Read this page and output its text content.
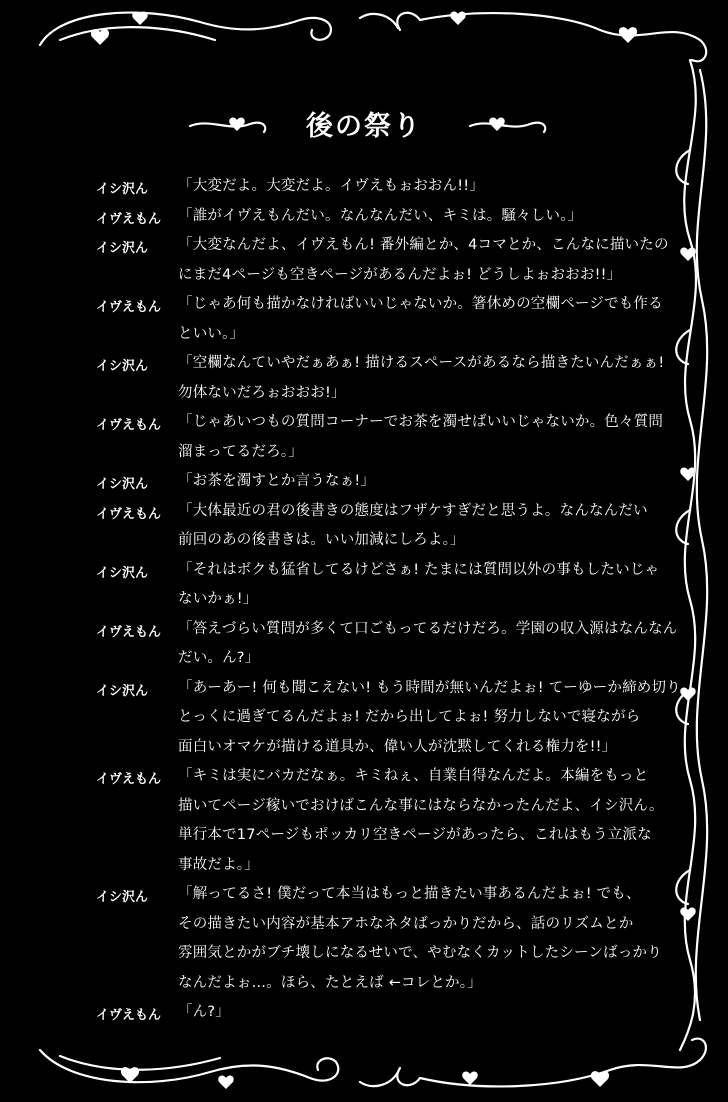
後の祭り
イシ沢ん	「大変だよ。大変だよ。イヴえもぉおおん!!」
イヴえもん	「誰がイヴえもんだい。なんなんだい、キミは。騒々しい。」
イシ沢ん	「大変なんだよ、イヴえもん! 番外編とか、4コマとか、こんなに描いたの
にまだ4ページも空きページがあるんだよぉ! どうしよぉおおお!!」
イヴえもん	「じゃあ何も描かなければいいじゃないか。箸休めの空欄ページでも作る
といい。」
イシ沢ん	「空欄なんていやだぁあぁ! 描けるスペースがあるなら描きたいんだぁぁ!
勿体ないだろぉおおお!」
イヴえもん	「じゃあいつもの質問コーナーでお茶を濁せばいいじゃないか。色々質問
溜まってるだろ。」
イシ沢ん	「お茶を濁すとか言うなぁ!」
イヴえもん	「大体最近の君の後書きの態度はフザケすぎだと思うよ。なんなんだい
前回のあの後書きは。いい加減にしろよ。」
イシ沢ん	「それはボクも猛省してるけどさぁ! たまには質問以外の事もしたいじゃ
ないかぁ!」
イヴえもん	「答えづらい質問が多くて口ごもってるだけだろ。学園の収入源はなんなん
だい。ん?」
イシ沢ん	「あーあー! 何も聞こえない! もう時間が無いんだよぉ! てーゆーか締め切り
とっくに過ぎてるんだよぉ! だから出してよぉ! 努力しないで寝ながら
面白いオマケが描ける道具か、偉い人が沈黙してくれる権力を!!」
イヴえもん	「キミは実にバカだなぁ。キミねぇ、自業自得なんだよ。本編をもっと
描いてページ稼いでおけばこんな事にはならなかったんだよ、イシ沢ん。
単行本で17ページもポッカリ空きページがあったら、これはもう立派な
事故だよ。」
イシ沢ん	「解ってるさ! 僕だって本当はもっと描きたい事あるんだよぉ! でも、
その描きたい内容が基本アホなネタばっかりだから、話のリズムとか
雰囲気とかがブチ壊しになるせいで、やむなくカットしたシーンばっかり
なんだよぉ…。ほら、たとえば ←コレとか。」
イヴえもん	「ん?」
